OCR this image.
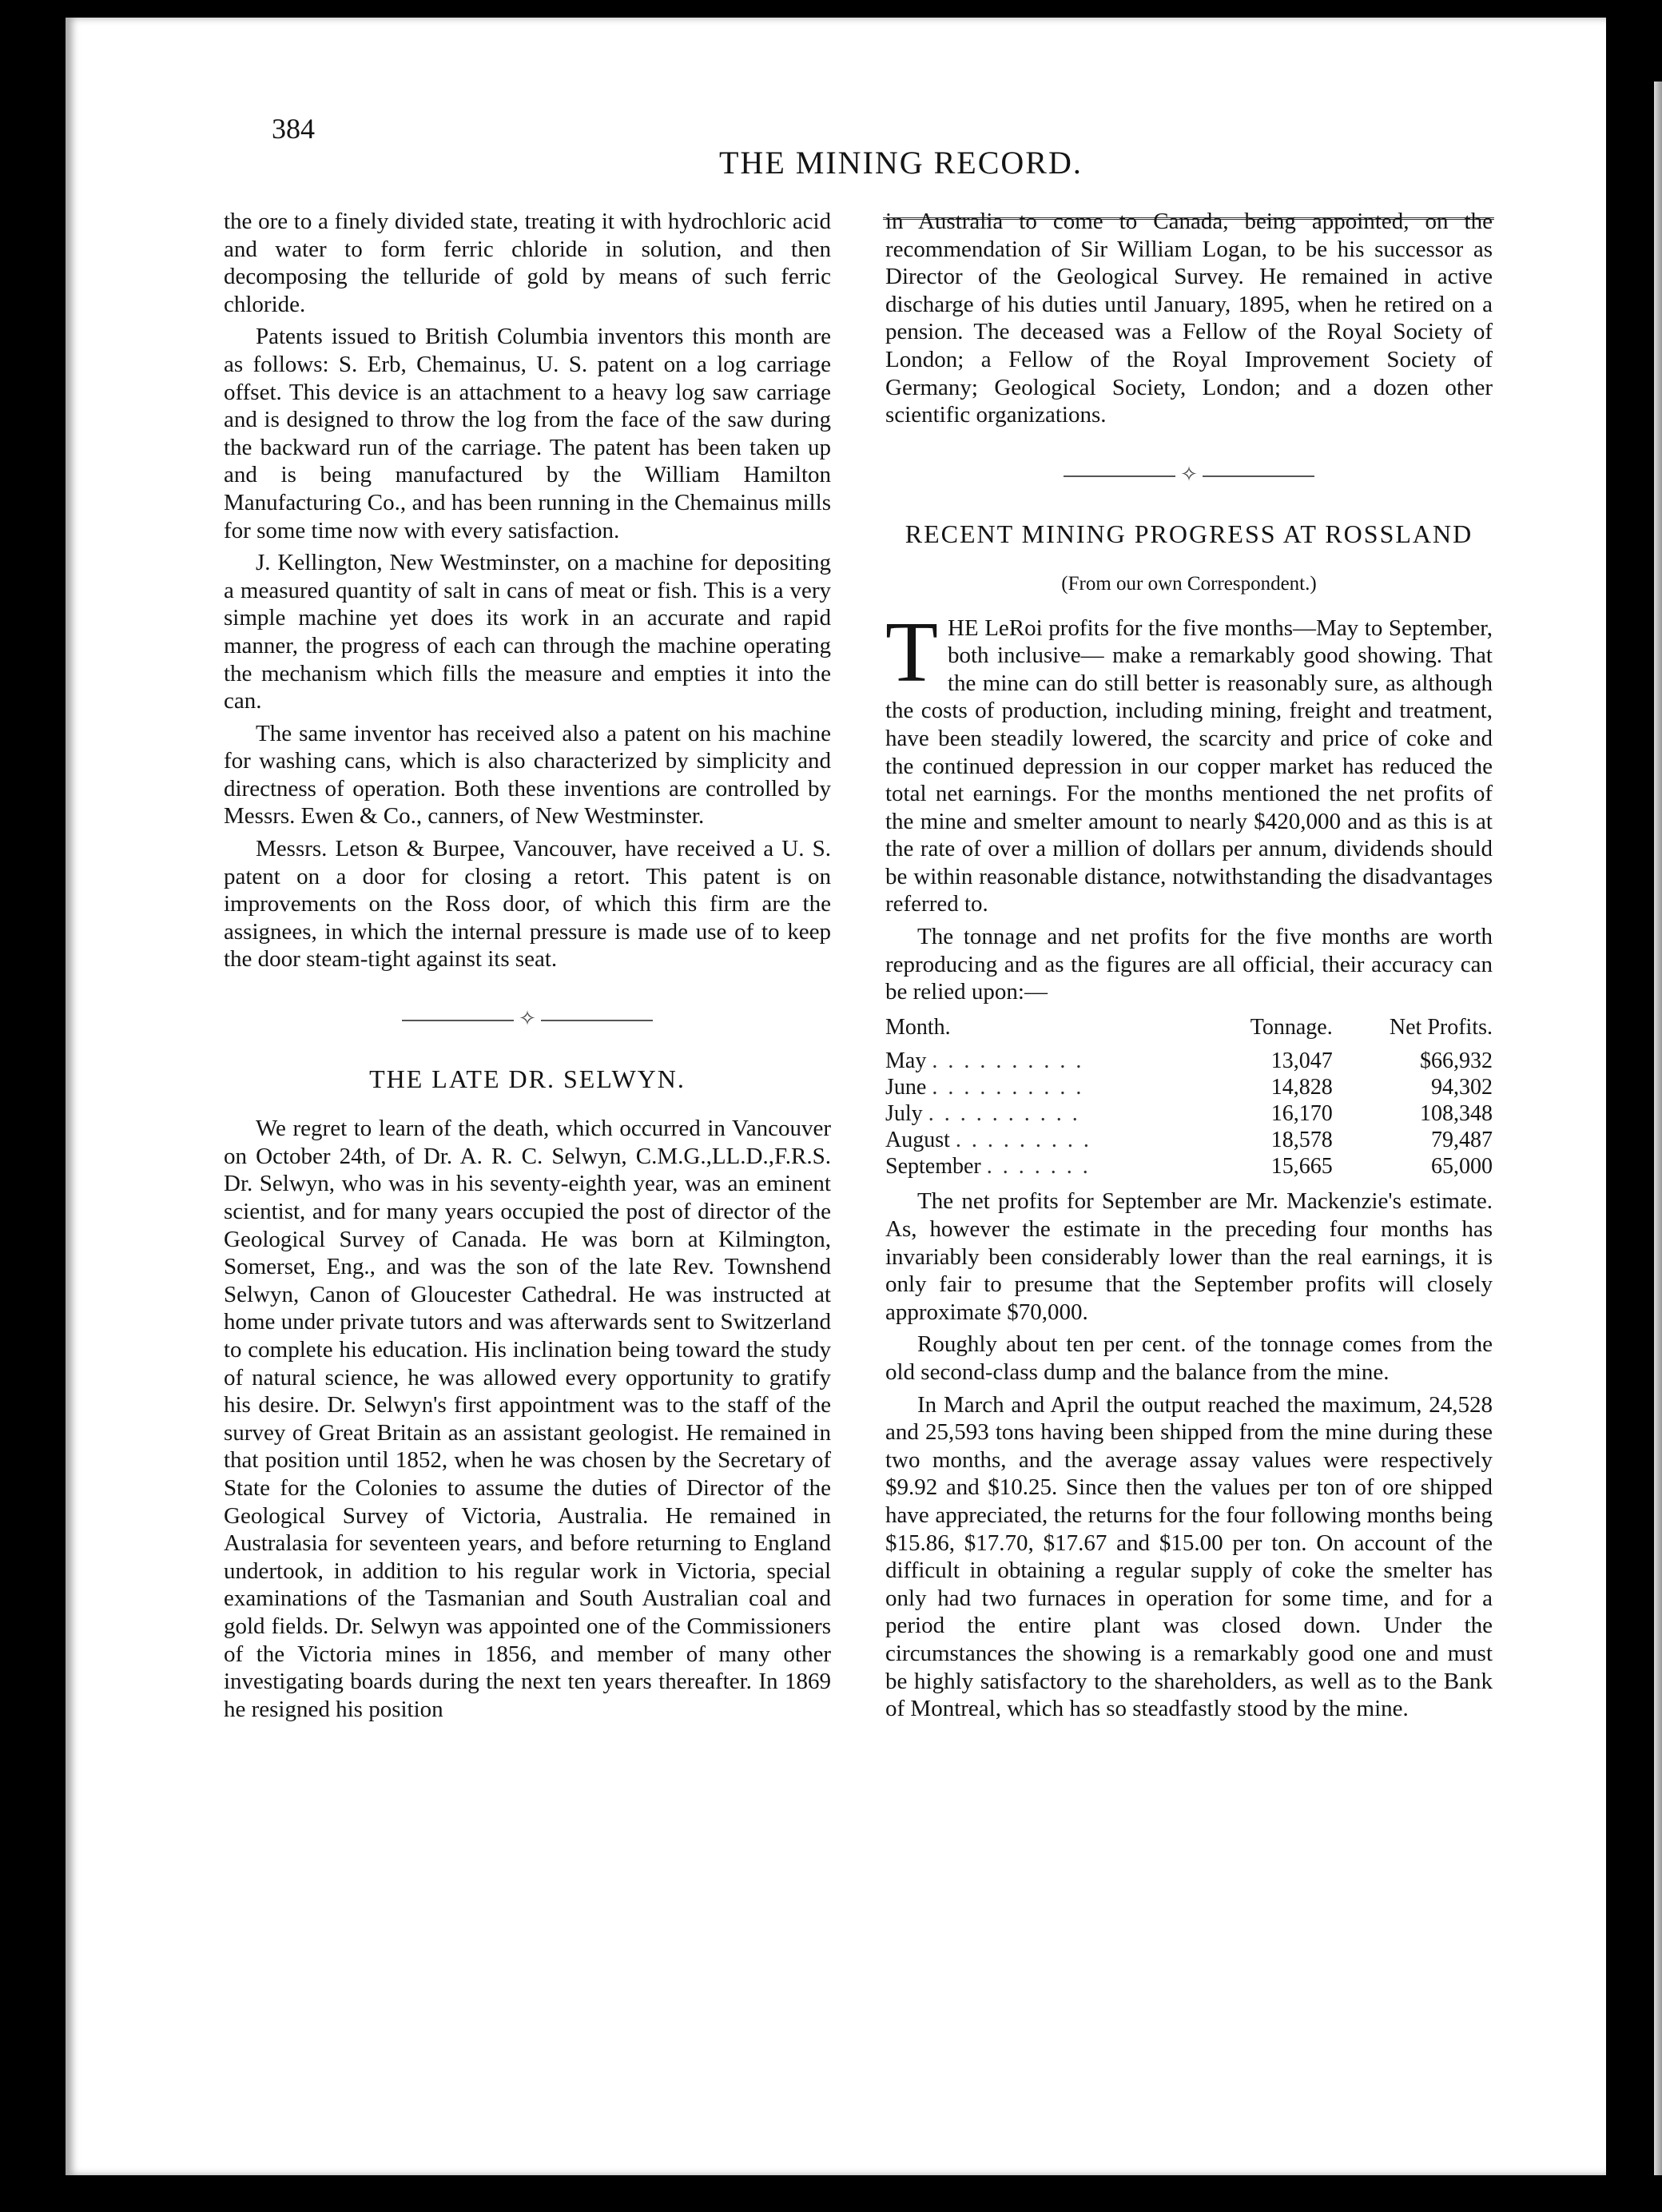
384
THE MINING RECORD.

the ore to a finely divided state, treating it with hydrochloric acid and water to form ferric chloride in solution, and then decomposing the telluride of gold by means of such ferric chloride.

Patents issued to British Columbia inventors this month are as follows: S. Erb, Chemainus, U. S. patent on a log carriage offset. This device is an attachment to a heavy log saw carriage and is designed to throw the log from the face of the saw during the backward run of the carriage. The patent has been taken up and is being manufactured by the William Hamilton Manufacturing Co., and has been running in the Chemainus mills for some time now with every satisfaction.

J. Kellington, New Westminster, on a machine for depositing a measured quantity of salt in cans of meat or fish. This is a very simple machine yet does its work in an accurate and rapid manner, the progress of each can through the machine operating the mechanism which fills the measure and empties it into the can.

The same inventor has received also a patent on his machine for washing cans, which is also characterized by simplicity and directness of operation. Both these inventions are controlled by Messrs. Ewen & Co., canners, of New Westminster.

Messrs. Letson & Burpee, Vancouver, have received a U. S. patent on a door for closing a retort. This patent is on improvements on the Ross door, of which this firm are the assignees, in which the internal pressure is made use of to keep the door steam-tight against its seat.

✧
THE LATE DR. SELWYN.

We regret to learn of the death, which occurred in Vancouver on October 24th, of Dr. A. R. C. Selwyn, C.M.G.,LL.D.,F.R.S. Dr. Selwyn, who was in his seventy-eighth year, was an eminent scientist, and for many years occupied the post of director of the Geological Survey of Canada. He was born at Kilmington, Somerset, Eng., and was the son of the late Rev. Townshend Selwyn, Canon of Gloucester Cathedral. He was instructed at home under private tutors and was afterwards sent to Switzerland to complete his education. His inclination being toward the study of natural science, he was allowed every opportunity to gratify his desire. Dr. Selwyn's first appointment was to the staff of the survey of Great Britain as an assistant geologist. He remained in that position until 1852, when he was chosen by the Secretary of State for the Colonies to assume the duties of Director of the Geological Survey of Victoria, Australia. He remained in Australasia for seventeen years, and before returning to England undertook, in addition to his regular work in Victoria, special examinations of the Tasmanian and South Australian coal and gold fields. Dr. Selwyn was appointed one of the Commissioners of the Victoria mines in 1856, and member of many other investigating boards during the next ten years thereafter. In 1869 he resigned his position

in Australia to come to Canada, being appointed, on the recommendation of Sir William Logan, to be his successor as Director of the Geological Survey. He remained in active discharge of his duties until January, 1895, when he retired on a pension. The deceased was a Fellow of the Royal Society of London; a Fellow of the Royal Improvement Society of Germany; Geological Society, London; and a dozen other scientific organizations.

✧
RECENT MINING PROGRESS AT ROSSLAND
(From our own Correspondent.)

THE LeRoi profits for the five months—May to September, both inclusive— make a remarkably good showing. That the mine can do still better is reasonably sure, as although the costs of production, including mining, freight and treatment, have been steadily lowered, the scarcity and price of coke and the continued depression in our copper market has reduced the total net earnings. For the months mentioned the net profits of the mine and smelter amount to nearly $420,000 and as this is at the rate of over a million of dollars per annum, dividends should be within reasonable distance, notwithstanding the disadvantages referred to.

The tonnage and net profits for the five months are worth reproducing and as the figures are all official, their accuracy can be relied upon:—

Month.	Tonnage.	Net Profits.
May . . . . . . . . . .	13,047	$66,932
June . . . . . . . . . .	14,828	94,302
July . . . . . . . . . .	16,170	108,348
August . . . . . . . . .	18,578	79,487
September . . . . . . .	15,665	65,000

The net profits for September are Mr. Mackenzie's estimate. As, however the estimate in the preceding four months has invariably been considerably lower than the real earnings, it is only fair to presume that the September profits will closely approximate $70,000.

Roughly about ten per cent. of the tonnage comes from the old second-class dump and the balance from the mine.

In March and April the output reached the maximum, 24,528 and 25,593 tons having been shipped from the mine during these two months, and the average assay values were respectively $9.92 and $10.25. Since then the values per ton of ore shipped have appreciated, the returns for the four following months being $15.86, $17.70, $17.67 and $15.00 per ton. On account of the difficult in obtaining a regular supply of coke the smelter has only had two furnaces in operation for some time, and for a period the entire plant was closed down. Under the circumstances the showing is a remarkably good one and must be highly satisfactory to the shareholders, as well as to the Bank of Montreal, which has so steadfastly stood by the mine.
